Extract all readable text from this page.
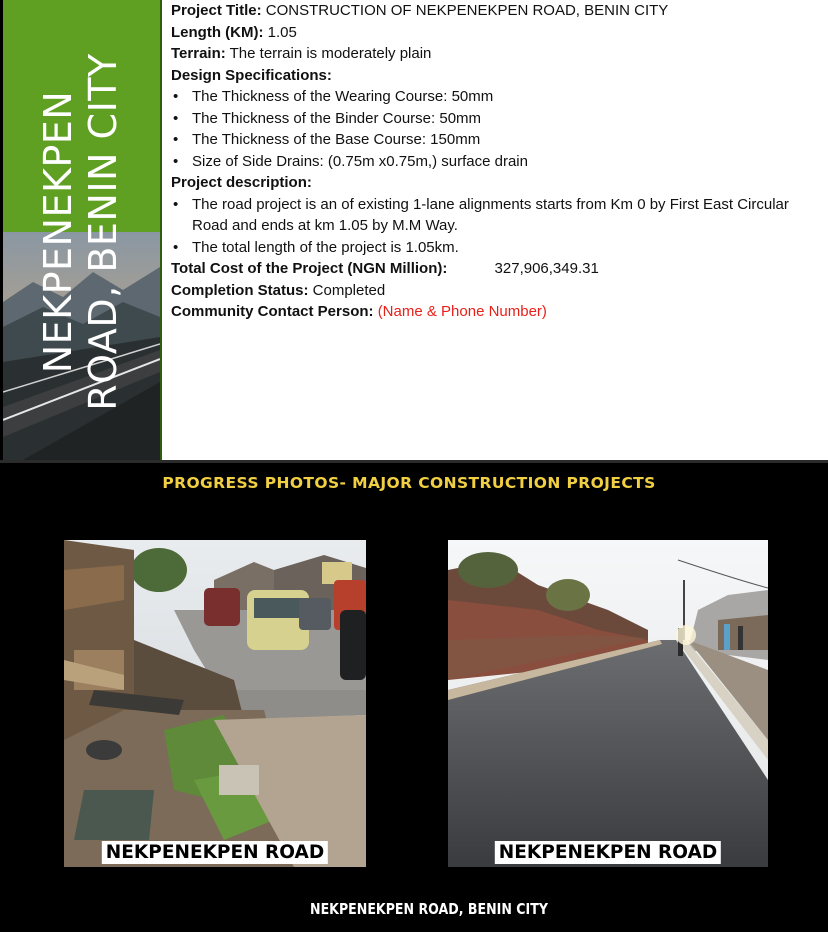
NEKPENEKPEN ROAD, BENIN CITY
Project Title: CONSTRUCTION OF NEKPENEKPEN ROAD, BENIN CITY
Length (KM): 1.05
Terrain: The terrain is moderately plain
Design Specifications:
• The Thickness of the Wearing Course: 50mm
• The Thickness of the Binder Course: 50mm
• The Thickness of the Base Course: 150mm
• Size of Side Drains: (0.75m x0.75m,) surface drain
Project description:
• The road project is an of existing 1-lane alignments starts from Km 0 by First East Circular Road and ends at km 1.05 by M.M Way.
• The total length of the project is 1.05km.
Total Cost of the Project (NGN Million):	327,906,349.31
Completion Status: Completed
Community Contact Person: (Name & Phone Number)
PROGRESS PHOTOS- MAJOR CONSTRUCTION PROJECTS
NEKPENEKPEN ROAD	NEKPENEKPEN ROAD
NEKPENEKPEN ROAD, BENIN CITY
